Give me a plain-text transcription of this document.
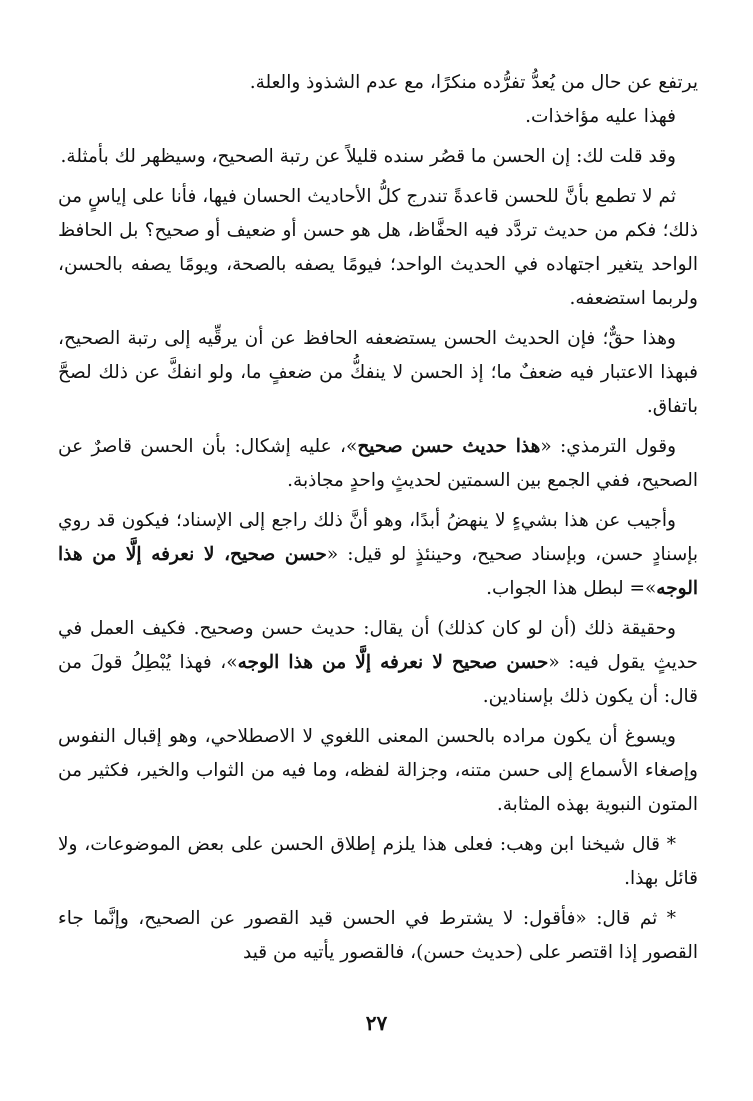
يرتفع عن حال من يُعدُّ تفرُّده منكرًا، مع عدم الشذوذ والعلة.

فهذا عليه مؤاخذات.

وقد قلت لك: إن الحسن ما قصُر سنده قليلاً عن رتبة الصحيح، وسيظهر لك بأمثلة.

ثم لا تطمع بأنَّ للحسن قاعدةً تندرج كلُّ الأحاديث الحسان فيها، فأنا على إياسٍ من ذلك؛ فكم من حديث تردَّد فيه الحفَّاظ، هل هو حسن أو ضعيف أو صحيح؟ بل الحافظ الواحد يتغير اجتهاده في الحديث الواحد؛ فيومًا يصفه بالصحة، ويومًا يصفه بالحسن، ولربما استضعفه.

وهذا حقٌّ؛ فإن الحديث الحسن يستضعفه الحافظ عن أن يرقِّيه إلى رتبة الصحيح، فبهذا الاعتبار فيه ضعفٌ ما؛ إذ الحسن لا ينفكُّ من ضعفٍ ما، ولو انفكَّ عن ذلك لصحَّ باتفاق.

وقول الترمذي: «هذا حديث حسن صحيح»، عليه إشكال: بأن الحسن قاصرٌ عن الصحيح، ففي الجمع بين السمتين لحديثٍ واحدٍ مجاذبة.

وأجيب عن هذا بشيءٍ لا ينهضُ أبدًا، وهو أنَّ ذلك راجع إلى الإسناد؛ فيكون قد روي بإسنادٍ حسن، وبإسناد صحيح، وحينئذٍ لو قيل: «حسن صحيح، لا نعرفه إلَّا من هذا الوجه»= لبطل هذا الجواب.

وحقيقة ذلك (أن لو كان كذلك) أن يقال: حديث حسن وصحيح. فكيف العمل في حديثٍ يقول فيه: «حسن صحيح لا نعرفه إلَّا من هذا الوجه»، فهذا يُبْطِلُ قولَ من قال: أن يكون ذلك بإسنادين.

ويسوغ أن يكون مراده بالحسن المعنى اللغوي لا الاصطلاحي، وهو إقبال النفوس وإصغاء الأسماع إلى حسن متنه، وجزالة لفظه، وما فيه من الثواب والخير، فكثير من المتون النبوية بهذه المثابة.

* قال شيخنا ابن وهب: فعلى هذا يلزم إطلاق الحسن على بعض الموضوعات، ولا قائل بهذا.

* ثم قال: «فأقول: لا يشترط في الحسن قيد القصور عن الصحيح، وإنَّما جاء القصور إذا اقتصر على (حديث حسن)، فالقصور يأتيه من قيد

٢٧
